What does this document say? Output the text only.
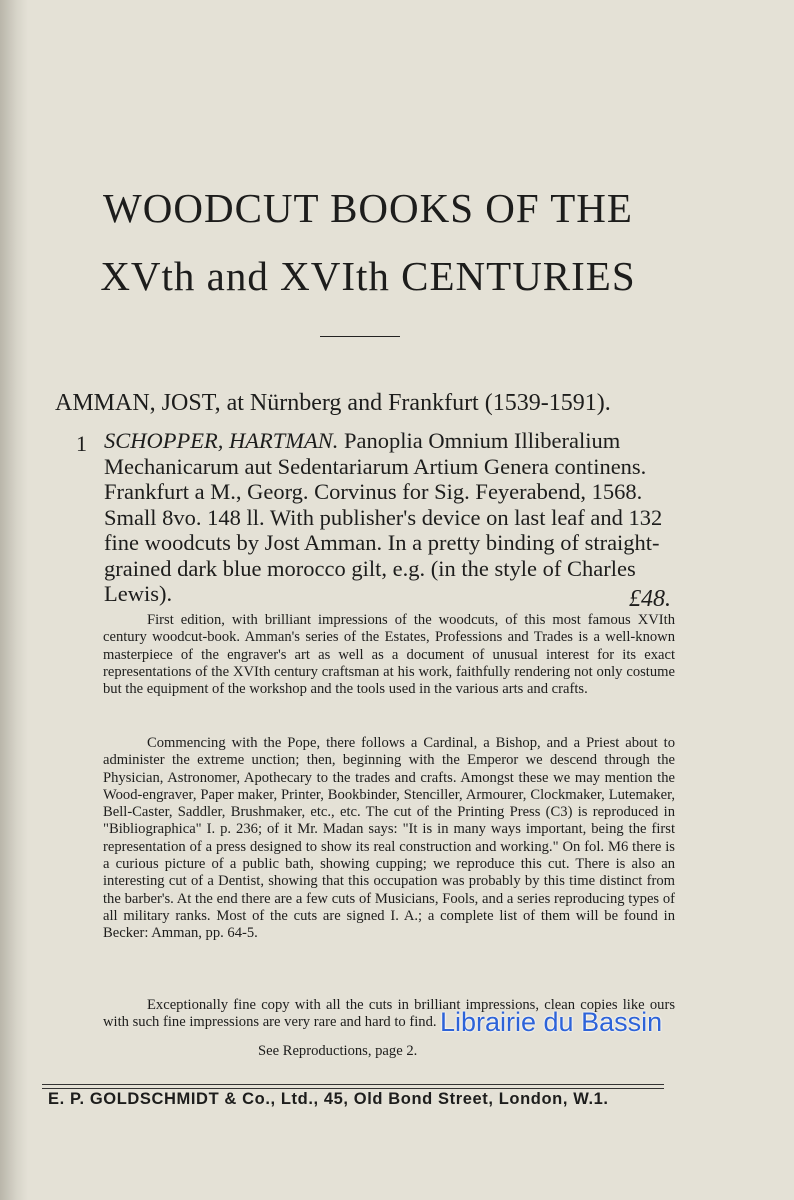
WOODCUT BOOKS OF THE
XVth and XVIth CENTURIES
AMMAN, JOST, at Nürnberg and Frankfurt (1539-1591).
1 SCHOPPER, HARTMAN. Panoplia Omnium Illiberalium Mechanicarum aut Sedentariarum Artium Genera continens. Frankfurt a M., Georg. Corvinus for Sig. Feyerabend, 1568. Small 8vo. 148 ll. With publisher's device on last leaf and 132 fine woodcuts by Jost Amman. In a pretty binding of straight-grained dark blue morocco gilt, e.g. (in the style of Charles Lewis).	£48.
First edition, with brilliant impressions of the woodcuts, of this most famous XVIth century woodcut-book. Amman's series of the Estates, Professions and Trades is a well-known masterpiece of the engraver's art as well as a document of unusual interest for its exact representations of the XVIth century craftsman at his work, faithfully rendering not only costume but the equipment of the workshop and the tools used in the various arts and crafts.
Commencing with the Pope, there follows a Cardinal, a Bishop, and a Priest about to administer the extreme unction; then, beginning with the Emperor we descend through the Physician, Astronomer, Apothecary to the trades and crafts. Amongst these we may mention the Wood-engraver, Paper maker, Printer, Bookbinder, Stenciller, Armourer, Clockmaker, Lutemaker, Bell-Caster, Saddler, Brushmaker, etc., etc. The cut of the Printing Press (C3) is reproduced in "Bibliographica" I. p. 236; of it Mr. Madan says: "It is in many ways important, being the first representation of a press designed to show its real construction and working." On fol. M6 there is a curious picture of a public bath, showing cupping; we reproduce this cut. There is also an interesting cut of a Dentist, showing that this occupation was probably by this time distinct from the barber's. At the end there are a few cuts of Musicians, Fools, and a series reproducing types of all military ranks. Most of the cuts are signed I. A.; a complete list of them will be found in Becker: Amman, pp. 64-5.
Exceptionally fine copy with all the cuts in brilliant impressions, clean copies like ours with such fine impressions are very rare and hard to find.
See Reproductions, page 2.
Librairie du Bassin
E. P. GOLDSCHMIDT & Co., Ltd., 45, Old Bond Street, London, W.1.
